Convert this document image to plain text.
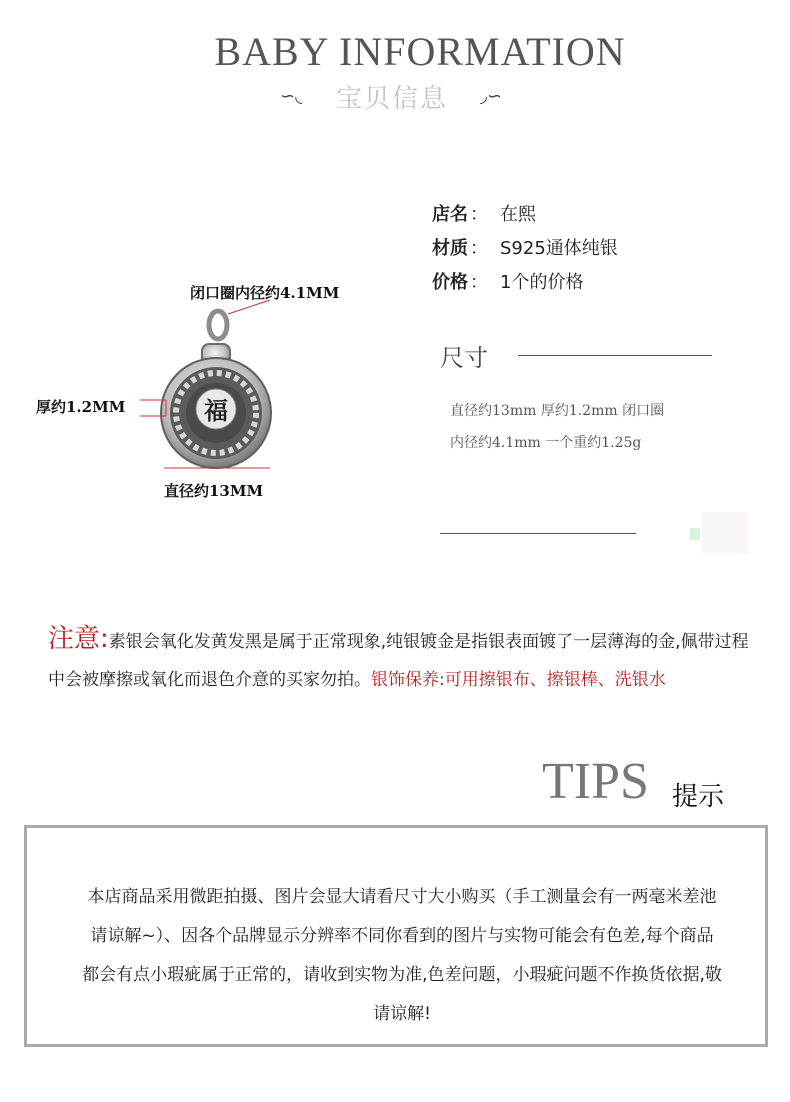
BABY INFORMATION
∽◟ 宝贝信息 ◞∽
福
闭口圈内径约4.1MM
厚约1.2MM
直径约13MM
店名 ： 在熙
材质 ： S925通体纯银
价格 ： 1个的价格
尺寸
直径约13mm 厚约1.2mm 闭口圈
内径约4.1mm 一个重约1.25g
注意:素银会氧化发黄发黑是属于正常现象,纯银镀金是指银表面镀了一层薄海的金,佩带过程中会被摩擦或氧化而退色介意的买家勿拍。银饰保养:可用擦银布、擦银棒、洗银水
TIPS 提示
本店商品采用微距拍摄、图片会显大请看尺寸大小购买（手工测量会有一两毫米差池请谅解~）、因各个品牌显示分辨率不同你看到的图片与实物可能会有色差,每个商品都会有点小瑕疵属于正常的，请收到实物为准,色差问题，小瑕疵问题不作换货依据,敬请谅解!
